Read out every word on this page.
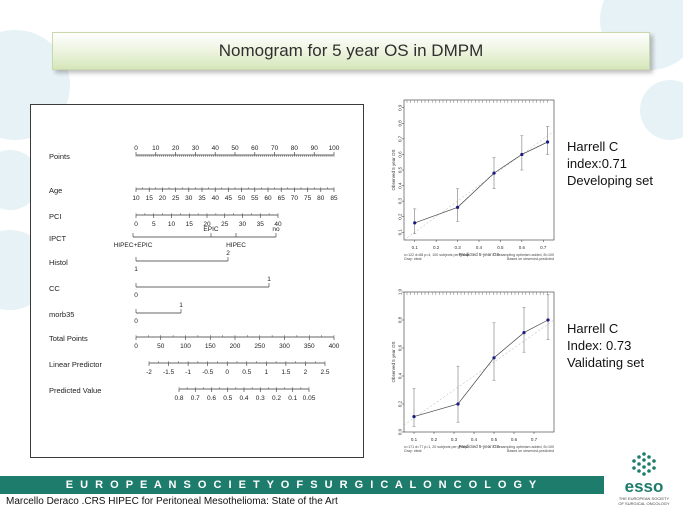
Nomogram for 5 year OS in DMPM
Points
0 10 20 30 40 50 60 70 80 90 100
Age
10 15 20 25 30 35 40 45 50 55 60 65 70 75 80 85
PCI
0 5 10 15 20 25 30 35 40
IPCT
HIPEC+EPIC
EPIC
HIPEC
no
Histol
1
2
CC
0
1
morb35
0
1
Total Points
0	50 100 150 200 250 300 350 400
Linear Predictor
-2 -1.5 -1 -0.5 0 0.5 1 1.5 2 2.5
Predicted Value
0.8 0.7 0.6 0.5 0.4 0.3 0.2 0.1 0.05
0.1	0.2	0.3	0.4	0.5	0.6	0.7
0.1
0.2
0.3
0.4
0.5
0.6
0.7
0.8
0.9
Observed 5 year OS
n=122 d=68 p=4, 100 subjects per group
Gray: ideal
Predicted 5-year OS
X - resampling optimism added, B=100
Based on observed-predicted
0.1	0.2	0.3	0.4	0.5	0.6	0.7
0.0
0.2
0.4
0.6
0.8
1.0
Observed 5 year OS
n=171 d=77 p=1, 20 subjects per group
Gray: ideal
Predicted 5-year OS
X - resampling optimism added, B=100
Based on observed-predicted
Harrell C
index:0.71
Developing set
Harrell C
Index: 0.73
Validating set
E U R O P E A N S O C I E T Y O F S U R G I C A L O N C O L O G Y
Marcello Deraco .CRS HIPEC for Peritoneal Mesothelioma: State of the Art
esso
THE EUROPEAN SOCIETY
OF SURGICAL ONCOLOGY
